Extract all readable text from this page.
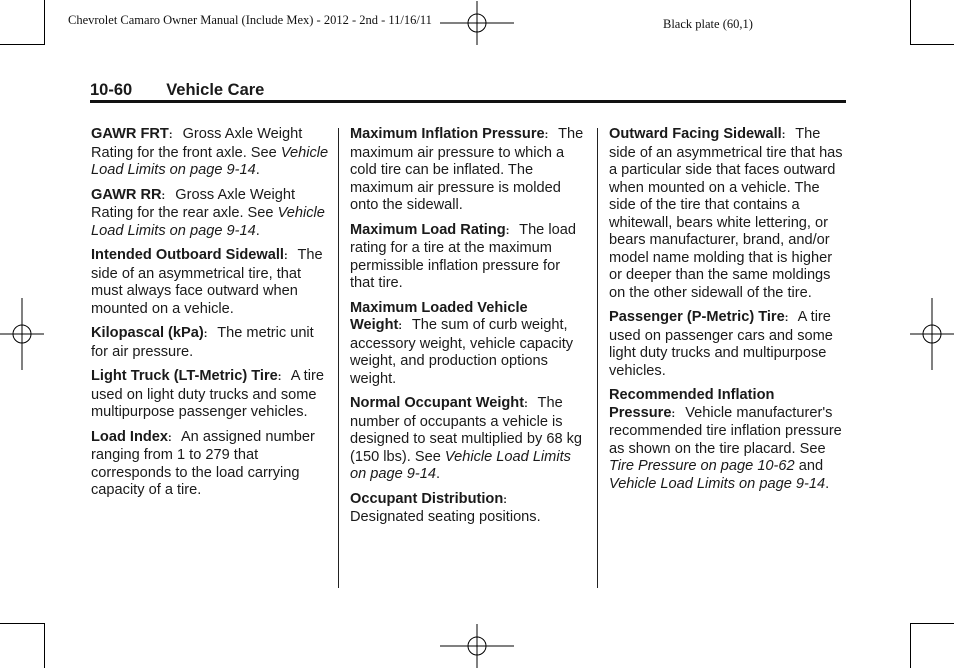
Chevrolet Camaro Owner Manual (Include Mex) - 2012 - 2nd - 11/16/11	Black plate (60,1)
10-60 Vehicle Care

GAWR FRT : Gross Axle Weight Rating for the front axle. See Vehicle Load Limits on page 9-14.

GAWR RR : Gross Axle Weight Rating for the rear axle. See Vehicle Load Limits on page 9-14.

Intended Outboard Sidewall : The side of an asymmetrical tire, that must always face outward when mounted on a vehicle.

Kilopascal (kPa) : The metric unit for air pressure.

Light Truck (LT-Metric) Tire : A tire used on light duty trucks and some multipurpose passenger vehicles.

Load Index : An assigned number ranging from 1 to 279 that corresponds to the load carrying capacity of a tire.

Maximum Inflation Pressure : The maximum air pressure to which a cold tire can be inflated. The maximum air pressure is molded onto the sidewall.

Maximum Load Rating : The load rating for a tire at the maximum permissible inflation pressure for that tire.

Maximum Loaded Vehicle Weight : The sum of curb weight, accessory weight, vehicle capacity weight, and production options weight.

Normal Occupant Weight : The number of occupants a vehicle is designed to seat multiplied by 68 kg (150 lbs). See Vehicle Load Limits on page 9-14.

Occupant Distribution : Designated seating positions.

Outward Facing Sidewall : The side of an asymmetrical tire that has a particular side that faces outward when mounted on a vehicle. The side of the tire that contains a whitewall, bears white lettering, or bears manufacturer, brand, and/or model name molding that is higher or deeper than the same moldings on the other sidewall of the tire.

Passenger (P-Metric) Tire : A tire used on passenger cars and some light duty trucks and multipurpose vehicles.

Recommended Inflation Pressure : Vehicle manufacturer's recommended tire inflation pressure as shown on the tire placard. See Tire Pressure on page 10-62 and Vehicle Load Limits on page 9-14.
